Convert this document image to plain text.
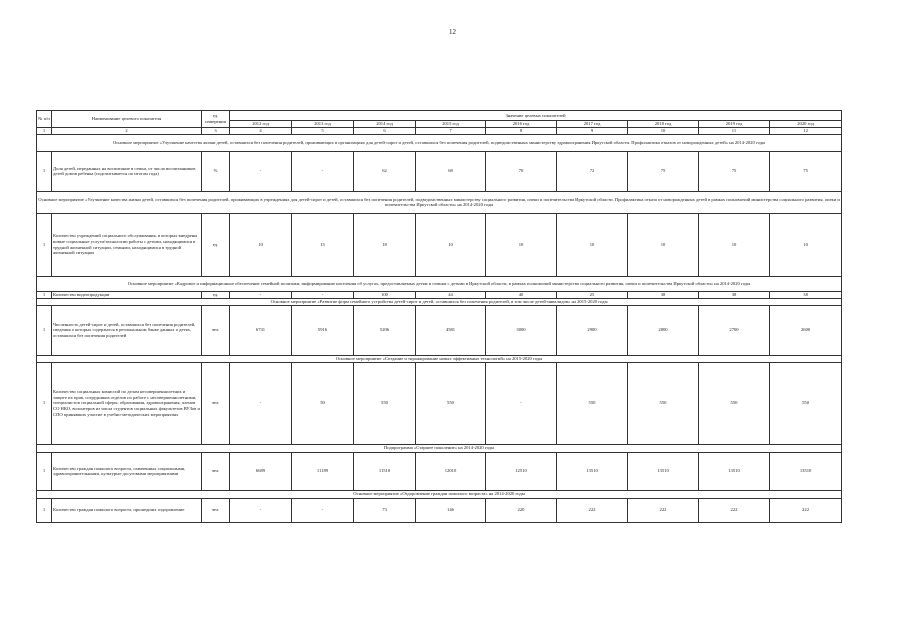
12
№ п/п	Наименование целевого показателя	ед. измерения	Значение целевых показателей								
			2012 год	2013 год	2014 год	2015 год	2016 год	2017 год	2018 год	2019 год	2020 год
1	2	3	4	5	6	7	8	9	10	11	12
Основное мероприятие «Улучшение качества жизни детей, оставшихся без попечения родителей, проживающих в организациях для детей-сирот и детей, оставшихся без попечения родителей, подведомственных министерству здравоохранения Иркутской области. Профилактика отказов от новорожденных детей» на 2014-2020 годы											
1	Доля детей, переданных на воспитание в семьи, от числа воспитанников детей домов ребенка (подсчитывается по итогам года)	%	-	-	62	68	70	72	75	75	75
Основное мероприятие «Улучшение качества жизни детей, оставшихся без попечения родителей, проживающих в учреждениях для детей-сирот и детей, оставшихся без попечения родителей, подведомственных министерству социального развития, опеки и попечительства Иркутской области. Профилактика отказа от новорожденных детей в рамках полномочий министерства социального развития, опеки и попечительства Иркутской области» на 2014-2020 годы											
1	Количество учреждений социального обслуживания, в которых внедрены новые социальные услуги/технологии работы с детьми, находящимися в трудной жизненной ситуации, семьями, находящимися в трудной жизненной ситуации	ед.	10	15	18	10	10	10	10	10	10
Основное мероприятие «Кадровое и информационное обеспечение семейной политики, информирование населения об услугах, предоставляемых детям и семьям с детьми в Иркутской области, в рамках полномочий министерства социального развития, опеки и попечительства Иркутской области» на 2014-2020 годы											
1	Количество видеопродукции	ед.	-	-	100	44	40	25	38	38	38
Основное мероприятие «Развитие форм семейного устройства детей-сирот и детей, оставшихся без попечения родителей, в том числе детей-инвалидов» на 2015-2020 годы											
1	Численность детей-сирот и детей, оставшихся без попечения родителей, сведения о которых содержатся в региональном банке данных о детях, оставшихся без попечения родителей	чел.	6731	5916	5206	4581	3000	2900	2800	2700	2600
Основное мероприятие «Создание и тиражирование новых эффективных технологий» на 2015-2020 годы											
1	Количество социальных комиссий по делам несовершеннолетних и защите их прав, сотрудников отделов по работе с несовершеннолетними, специалистов социальной сферы, образования, здравоохранения, членов СО НКО, волонтеров из числа студентов социальных факультетов ВУЗов и СПО принявших участие в учебно-методических мероприятиях	чел.	-	50	550	550	-	550	550	550	550
Подпрограмма «Старшее поколение» на 2014-2020 годы											
1	Количество граждан пожилого возраста, охваченных социальными, здравоохранительными, культурно-досуговыми мероприятиями	чел.	6689	11189	11510	12010	12510	13510	13510	13510	13510
Основное мероприятие «Оздоровление граждан пожилого возраста» на 2014-2020 годы											
1	Количество граждан пожилого возраста, прошедших оздоровление	чел.	-	-	73	146	220	222	222	222	222
